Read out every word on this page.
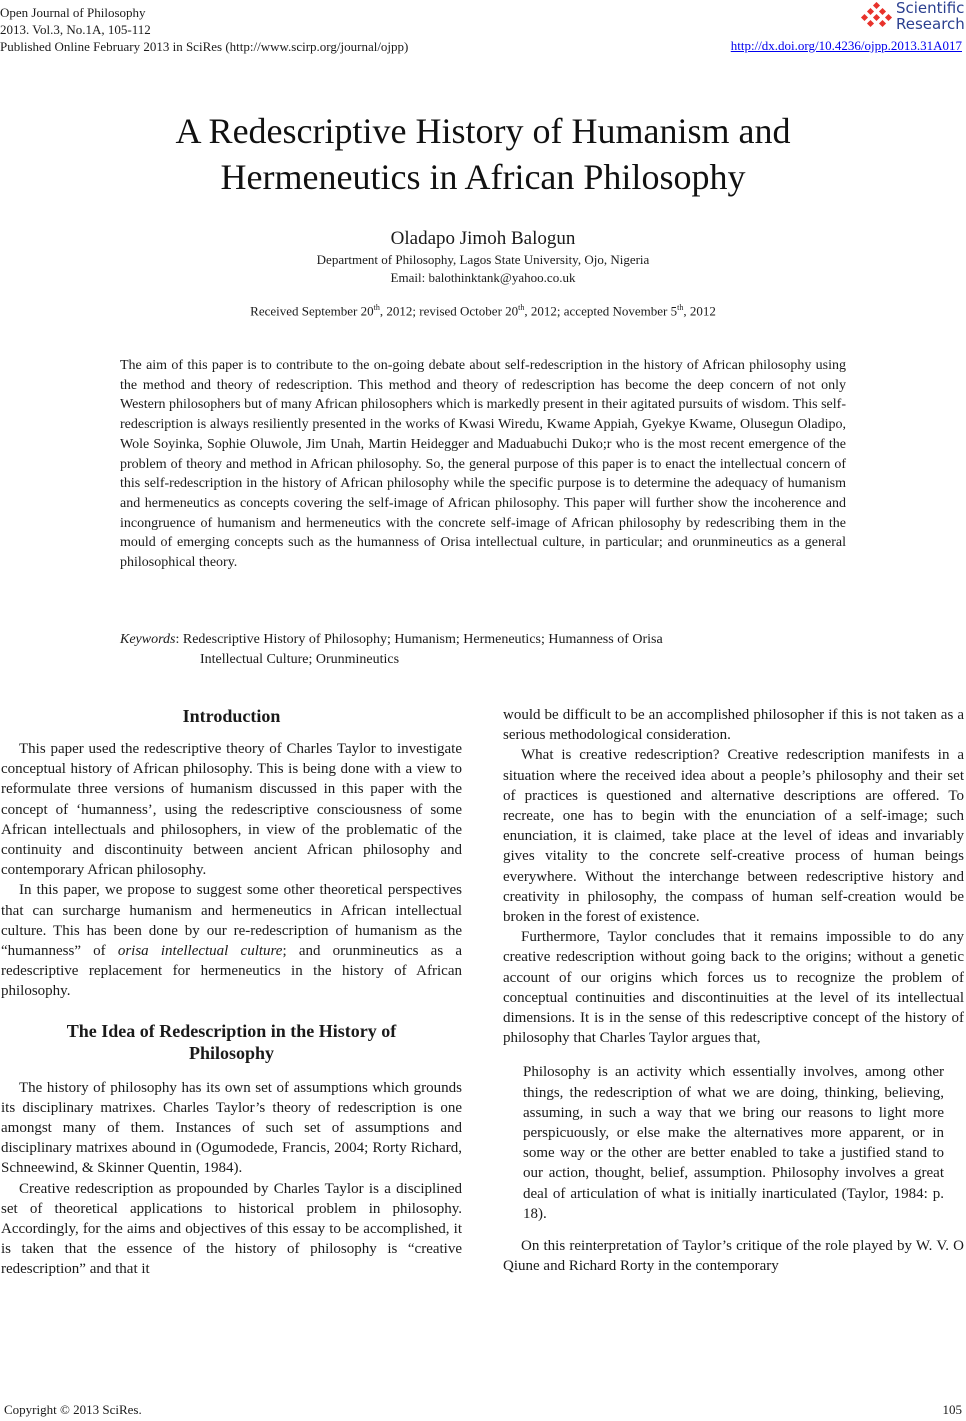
Open Journal of Philosophy
2013. Vol.3, No.1A, 105-112
Published Online February 2013 in SciRes (http://www.scirp.org/journal/ojpp)
Scientific
Research
http://dx.doi.org/10.4236/ojpp.2013.31A017
A Redescriptive History of Humanism and
Hermeneutics in African Philosophy
Oladapo Jimoh Balogun
Department of Philosophy, Lagos State University, Ojo, Nigeria
Email: balothinktank@yahoo.co.uk
Received September 20th, 2012; revised October 20th, 2012; accepted November 5th, 2012
The aim of this paper is to contribute to the on-going debate about self-redescription in the history of African philosophy using the method and theory of redescription. This method and theory of redescription has become the deep concern of not only Western philosophers but of many African philosophers which is markedly present in their agitated pursuits of wisdom. This self-redescription is always resiliently presented in the works of Kwasi Wiredu, Kwame Appiah, Gyekye Kwame, Olusegun Oladipo, Wole Soyinka, Sophie Oluwole, Jim Unah, Martin Heidegger and Maduabuchi Duko;r who is the most recent emergence of the problem of theory and method in African philosophy. So, the general purpose of this paper is to enact the intellectual concern of this self-redescription in the history of African philosophy while the specific purpose is to determine the adequacy of humanism and hermeneutics as concepts covering the self-image of African philosophy. This paper will further show the incoherence and incongruence of humanism and hermeneutics with the concrete self-image of African philosophy by redescribing them in the mould of emerging concepts such as the humanness of Orisa intellectual culture, in particular; and orunmineutics as a general philosophical theory.
Keywords: Redescriptive History of Philosophy; Humanism; Hermeneutics; Humanness of Orisa
Intellectual Culture; Orunmineutics
Introduction

This paper used the redescriptive theory of Charles Taylor to investigate conceptual history of African philosophy. This is being done with a view to reformulate three versions of humanism discussed in this paper with the concept of ‘humanness’, using the redescriptive consciousness of some African intellectuals and philosophers, in view of the problematic of the continuity and discontinuity between ancient African philosophy and contemporary African philosophy.

In this paper, we propose to suggest some other theoretical perspectives that can surcharge humanism and hermeneutics in African intellectual culture. This has been done by our re-redescription of humanism as the “humanness” of orisa intellectual culture; and orunmineutics as a redescriptive replacement for hermeneutics in the history of African philosophy.

The Idea of Redescription in the History of
Philosophy

The history of philosophy has its own set of assumptions which grounds its disciplinary matrixes. Charles Taylor’s theory of redescription is one amongst many of them. Instances of such set of assumptions and disciplinary matrixes abound in (Ogumodede, Francis, 2004; Rorty Richard, Schneewind, & Skinner Quentin, 1984).

Creative redescription as propounded by Charles Taylor is a disciplined set of theoretical applications to historical problem in philosophy. Accordingly, for the aims and objectives of this essay to be accomplished, it is taken that the essence of the history of philosophy is “creative redescription” and that it

would be difficult to be an accomplished philosopher if this is not taken as a serious methodological consideration.

What is creative redescription? Creative redescription manifests in a situation where the received idea about a people’s philosophy and their set of practices is questioned and alternative descriptions are offered. To recreate, one has to begin with the enunciation of a self-image; such enunciation, it is claimed, take place at the level of ideas and invariably gives vitality to the concrete self-creative process of human beings everywhere. Without the interchange between redescriptive history and creativity in philosophy, the compass of human self-creation would be broken in the forest of existence.

Furthermore, Taylor concludes that it remains impossible to do any creative redescription without going back to the origins; without a genetic account of our origins which forces us to recognize the problem of conceptual continuities and discontinuities at the level of its intellectual dimensions. It is in the sense of this redescriptive concept of the history of philosophy that Charles Taylor argues that,

Philosophy is an activity which essentially involves, among other things, the redescription of what we are doing, thinking, believing, assuming, in such a way that we bring our reasons to light more perspicuously, or else make the alternatives more apparent, or in some way or the other are better enabled to take a justified stand to our action, thought, belief, assumption. Philosophy involves a great deal of articulation of what is initially inarticulated (Taylor, 1984: p. 18).

On this reinterpretation of Taylor’s critique of the role played by W. V. O Qiune and Richard Rorty in the contemporary

Copyright © 2013 SciRes.	105
